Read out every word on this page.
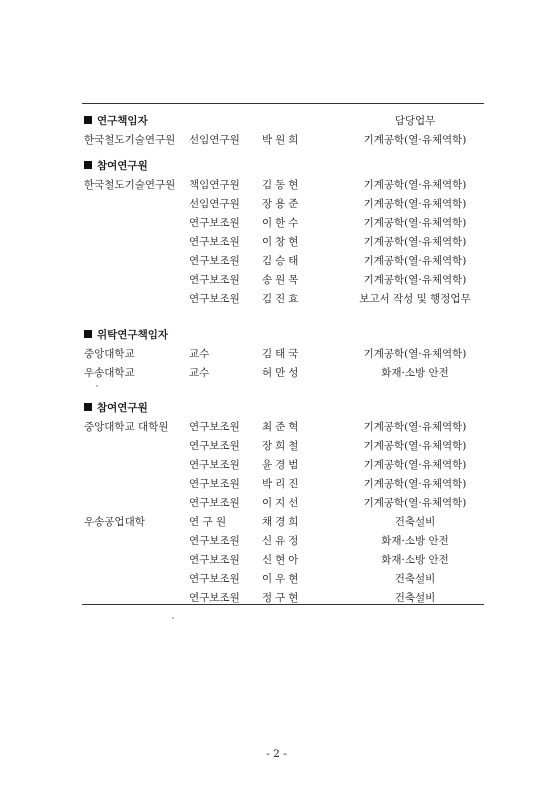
연구책임자	담당업무
한국철도기술연구원 선임연구원 박원희	기계공학(열·유체역학)
참여연구원
한국철도기술연구원 책임연구원 김동현	기계공학(열·유체역학)
선임연구원 장용준	기계공학(열·유체역학)
연구보조원 이한수	기계공학(열·유체역학)
연구보조원 이창현	기계공학(열·유체역학)
연구보조원 김승태	기계공학(열·유체역학)
연구보조원 송원목	기계공학(열·유체역학)
연구보조원 김진효	보고서 작성 및 행정업무
위탁연구책임자
중앙대학교	교수	김태국	기계공학(열·유체역학)
우송대학교	교수	허만성	화재·소방 안전
참여연구원
중앙대학교 대학원 연구보조원 최준혁	기계공학(열·유체역학)
연구보조원 장희철	기계공학(열·유체역학)
연구보조원 윤경범	기계공학(열·유체역학)
연구보조원 박리진	기계공학(열·유체역학)
연구보조원 이지선	기계공학(열·유체역학)
우송공업대학	연 구 원	채경희	건축설비
연구보조원 신유정	화재·소방 안전
연구보조원 신현아	화재·소방 안전
연구보조원 이우현	건축설비
연구보조원 정구현	건축설비
- 2 -
